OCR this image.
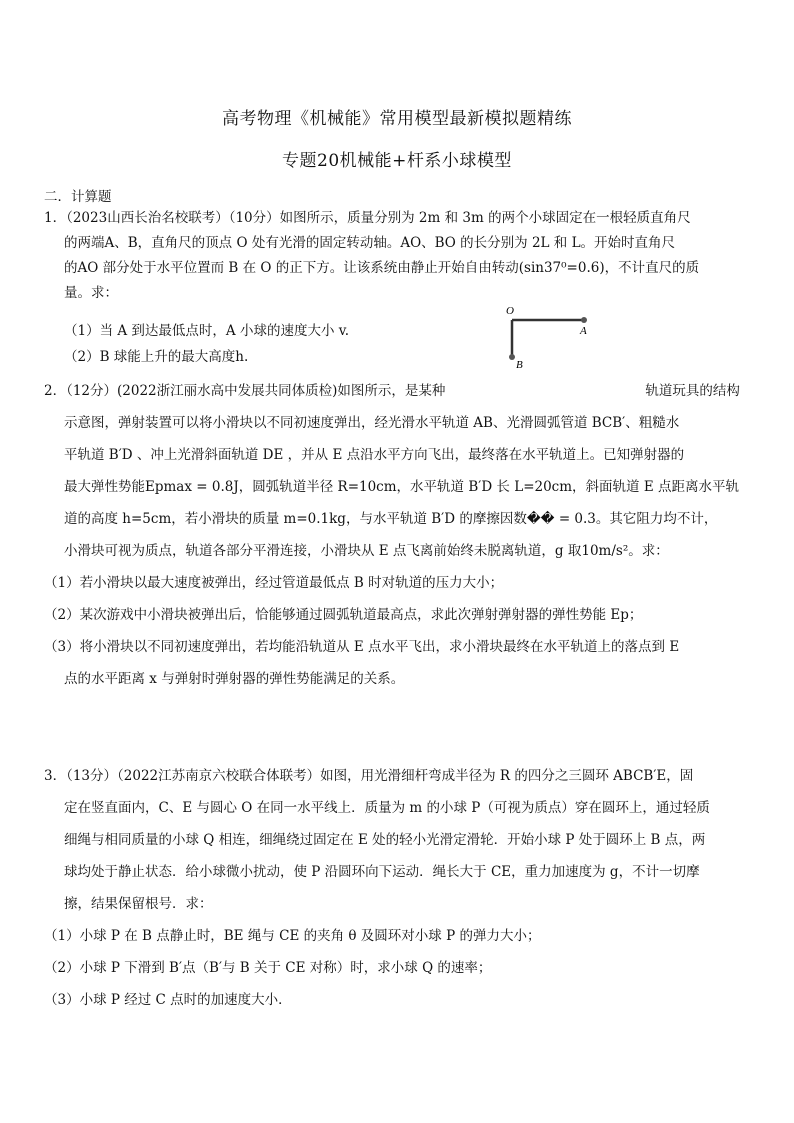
高考物理《机械能》常用模型最新模拟题精练
专题20机械能+杆系小球模型
二．计算题
1．（2023山西长治名校联考）（10分）如图所示，质量分别为 2m 和 3m 的两个小球固定在一根轻质直角尺
的两端A、B，直角尺的顶点 O 处有光滑的固定转动轴。AO、BO 的长分别为 2L 和 L。开始时直角尺
的AO 部分处于水平位置而 B 在 O 的正下方。让该系统由静止开始自由转动(sin37⁰=0.6)，不计直尺的质
量。求：
（1）当 A 到达最低点时，A 小球的速度大小 v.
（2）B 球能上升的最大高度h.
O
A
B
2．（12分）(2022浙江丽水高中发展共同体质检)如图所示，是某种	轨道玩具的结构
示意图，弹射装置可以将小滑块以不同初速度弹出，经光滑水平轨道 AB、光滑圆弧管道 BCB′、粗糙水
平轨道 B′D 、冲上光滑斜面轨道 DE ，并从 E 点沿水平方向飞出，最终落在水平轨道上。已知弹射器的
最大弹性势能Epmax = 0.8J，圆弧轨道半径 R=10cm，水平轨道 B′D 长 L=20cm，斜面轨道 E 点距离水平轨
道的高度 h=5cm，若小滑块的质量 m=0.1kg，与水平轨道 B′D 的摩擦因数�� = 0.3。其它阻力均不计，
小滑块可视为质点，轨道各部分平滑连接，小滑块从 E 点飞离前始终未脱离轨道，g 取10m/s²。求：
（1）若小滑块以最大速度被弹出，经过管道最低点 B 时对轨道的压力大小；
（2）某次游戏中小滑块被弹出后，恰能够通过圆弧轨道最高点，求此次弹射弹射器的弹性势能 Ep；
（3）将小滑块以不同初速度弹出，若均能沿轨道从 E 点水平飞出，求小滑块最终在水平轨道上的落点到 E
点的水平距离 x 与弹射时弹射器的弹性势能满足的关系。
3．（13分）（2022江苏南京六校联合体联考）如图，用光滑细杆弯成半径为 R 的四分之三圆环 ABCB′E，固
定在竖直面内，C、E 与圆心 O 在同一水平线上．质量为 m 的小球 P（可视为质点）穿在圆环上，通过轻质
细绳与相同质量的小球 Q 相连，细绳绕过固定在 E 处的轻小光滑定滑轮．开始小球 P 处于圆环上 B 点，两
球均处于静止状态．给小球微小扰动，使 P 沿圆环向下运动．绳长大于 CE，重力加速度为 g，不计一切摩
擦，结果保留根号．求：
（1）小球 P 在 B 点静止时，BE 绳与 CE 的夹角 θ 及圆环对小球 P 的弹力大小；
（2）小球 P 下滑到 B′点（B′与 B 关于 CE 对称）时，求小球 Q 的速率；
（3）小球 P 经过 C 点时的加速度大小．
